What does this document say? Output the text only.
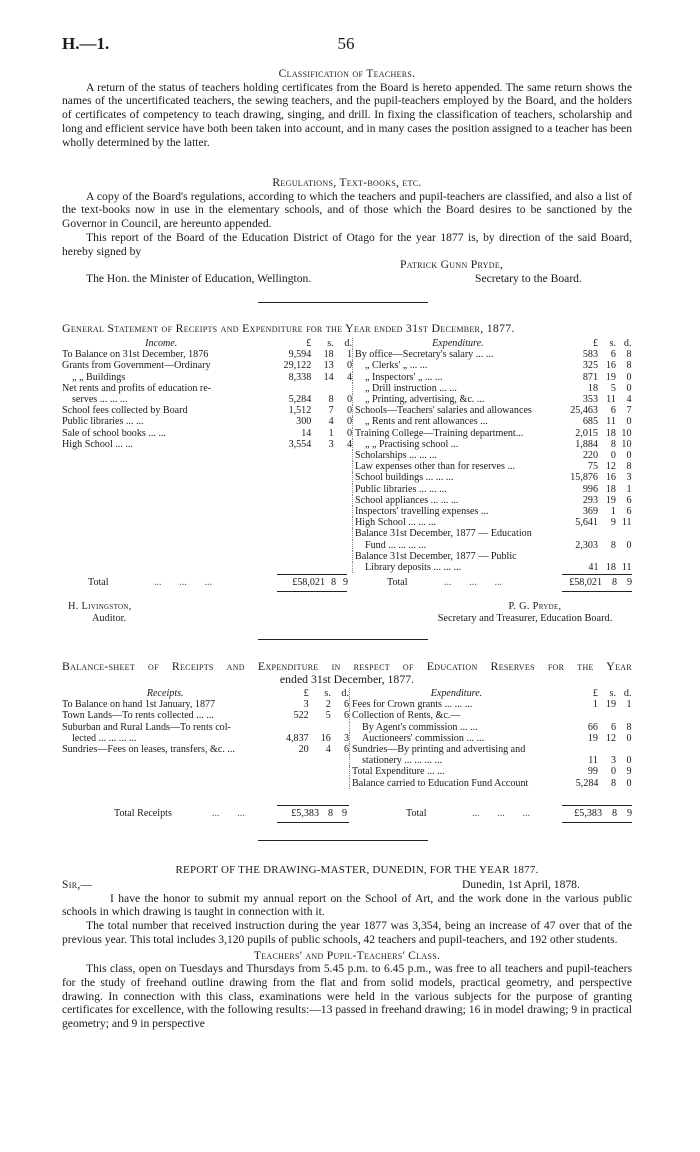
H.—1.	56

Classification of Teachers.

A return of the status of teachers holding certificates from the Board is hereto appended. The same return shows the names of the uncertificated teachers, the sewing teachers, and the pupil-teachers employed by the Board, and the holders of certificates of competency to teach drawing, singing, and drill. In fixing the classification of teachers, scholarship and long and efficient service have both been taken into account, and in many cases the position assigned to a teacher has been wholly determined by the latter.

Regulations, Text-books, etc.

A copy of the Board's regulations, according to which the teachers and pupil-teachers are classified, and also a list of the text-books now in use in the elementary schools, and of those which the Board desires to be sanctioned by the Governor in Council, are hereunto appended.

This report of the Board of the Education District of Otago for the year 1877 is, by direction of the said Board, hereby signed by

Patrick Gunn Pryde,
The Hon. the Minister of Education, Wellington.	Secretary to the Board.

General Statement of Receipts and Expenditure for the Year ended 31st December, 1877.

Income.	£	s.	d.
To Balance on 31st December, 1876	9,594	18	1
Grants from Government—Ordinary	29,122	13	0
„ „ Buildings	8,338	14	4
Net rents and profits of education re-			
serves ... ... ...	5,284	8	0
School fees collected by Board	1,512	7	0
Public libraries ... ...	300	4	0
Sale of school books ... ...	14	1	0
High School ... ...	3,554	3	4
Expenditure.	£	s.	d.
By office—Secretary's salary ... ...	583	6	8
„ Clerks' „ ... ...	325	16	8
„ Inspectors' „ ... ...	871	19	0
„ Drill instruction ... ...	18	5	0
„ Printing, advertising, &c. ...	353	11	4
Schools—Teachers' salaries and allowances	25,463	6	7
„ Rents and rent allowances ...	685	11	0
Training College—Training department...	2,015	18	10
„ „ Practising school ...	1,884	8	10
Scholarships ... ... ...	220	0	0
Law expenses other than for reserves ...	75	12	8
School buildings ... ... ...	15,876	16	3
Public libraries ... ... ...	996	18	1
School appliances ... ... ...	293	19	6
Inspectors' travelling expenses ...	369	1	6
High School ... ... ...	5,641	9	11
Balance 31st December, 1877 — Education			
Fund ... ... ... ...	2,303	8	0
Balance 31st December, 1877 — Public			
Library deposits ... ... ...	41	18	11
Total	...       ...       ...	£58,021 8 9	Total	...       ...       ...	£58,021 8 9
H. Livingston,
Auditor.
P. G. Pryde,
Secretary and Treasurer, Education Board.

Balance-sheet of Receipts and Expenditure in respect of Education Reserves for the Year

ended 31st December, 1877.

Receipts.	£	s.	d.
To Balance on hand 1st January, 1877	3	2	6
Town Lands—To rents collected ... ...	522	5	6
Suburban and Rural Lands—To rents col-			
lected ... ... ... ...	4,837	16	3
Sundries—Fees on leases, transfers, &c. ...	20	4	6
Expenditure.	£	s.	d.
Fees for Crown grants ... ... ...	1	19	1
Collection of Rents, &c.—			
By Agent's commission ... ...	66	6	8
Auctioneers' commission ... ...	19	12	0
Sundries—By printing and advertising and			
stationery ... ... ... ...	11	3	0
Total Expenditure ... ...	99	0	9
Balance carried to Education Fund Account	5,284	8	0
Total Receipts	...       ...	£5,383 8 9	Total	...       ...       ...	£5,383 8 9

REPORT OF THE DRAWING-MASTER, DUNEDIN, FOR THE YEAR 1877.

Sir,—	Dunedin, 1st April, 1878.

I have the honor to submit my annual report on the School of Art, and the work done in the various public schools in which drawing is taught in connection with it.

The total number that received instruction during the year 1877 was 3,354, being an increase of 47 over that of the previous year. This total includes 3,120 pupils of public schools, 42 teachers and pupil-teachers, and 192 other students.

Teachers' and Pupil-Teachers' Class.

This class, open on Tuesdays and Thursdays from 5.45 p.m. to 6.45 p.m., was free to all teachers and pupil-teachers for the study of freehand outline drawing from the flat and from solid models, practical geometry, and perspective drawing. In connection with this class, examinations were held in the various subjects for the purpose of granting certificates for excellence, with the following results:—13 passed in freehand drawing; 16 in model drawing; 9 in practical geometry; and 9 in perspective
